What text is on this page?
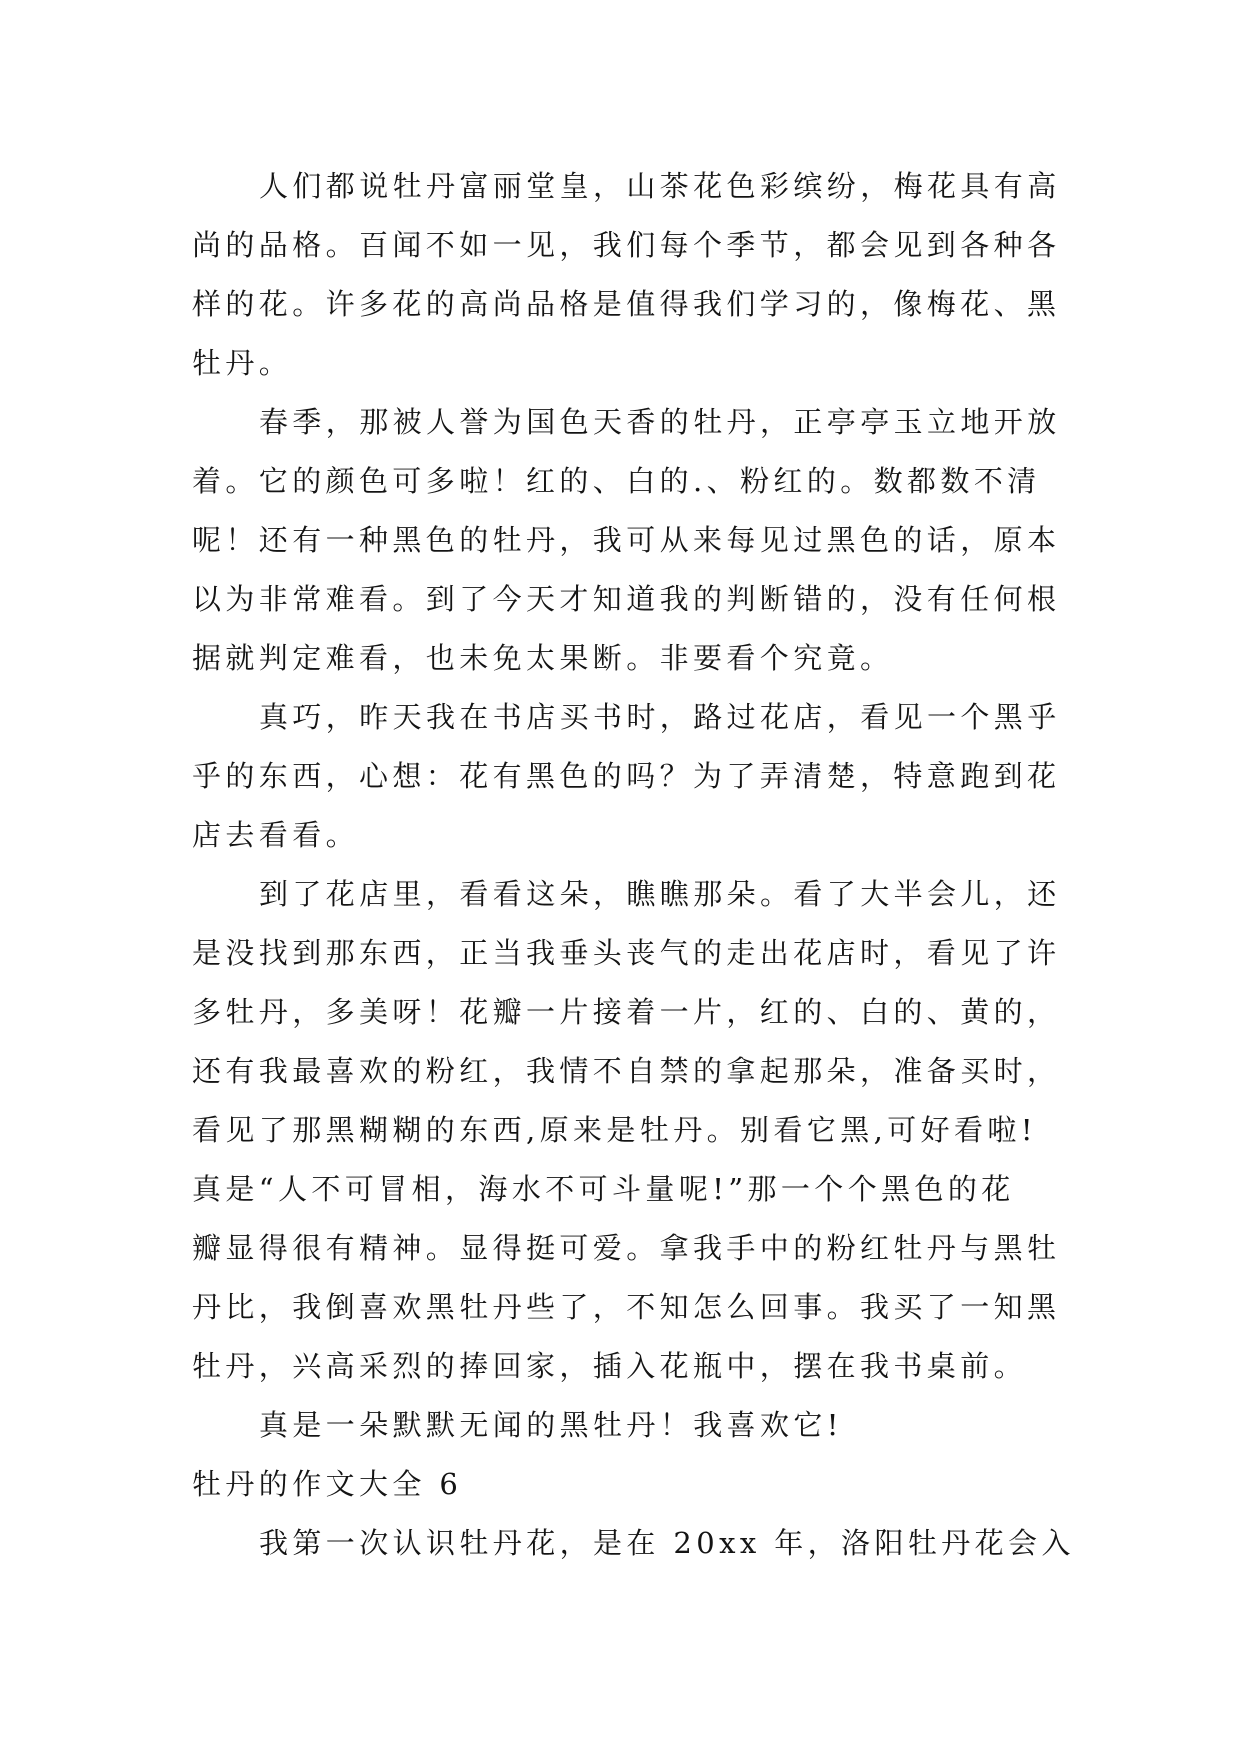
人们都说牡丹富丽堂皇，山茶花色彩缤纷，梅花具有高
尚的品格。百闻不如一见，我们每个季节，都会见到各种各
样的花。许多花的高尚品格是值得我们学习的，像梅花、黑
牡丹。
春季，那被人誉为国色天香的牡丹，正亭亭玉立地开放
着。它的颜色可多啦！红的、白的.、粉红的。数都数不清
呢！还有一种黑色的牡丹，我可从来每见过黑色的话，原本
以为非常难看。到了今天才知道我的判断错的，没有任何根
据就判定难看，也未免太果断。非要看个究竟。
真巧，昨天我在书店买书时，路过花店，看见一个黑乎
乎的东西，心想：花有黑色的吗？为了弄清楚，特意跑到花
店去看看。
到了花店里，看看这朵，瞧瞧那朵。看了大半会儿，还
是没找到那东西，正当我垂头丧气的走出花店时，看见了许
多牡丹，多美呀！花瓣一片接着一片，红的、白的、黄的，
还有我最喜欢的粉红，我情不自禁的拿起那朵，准备买时，
看见了那黑糊糊的东西,原来是牡丹。别看它黑,可好看啦!
真是“人不可冒相，海水不可斗量呢!”那一个个黑色的花
瓣显得很有精神。显得挺可爱。拿我手中的粉红牡丹与黑牡
丹比，我倒喜欢黑牡丹些了，不知怎么回事。我买了一知黑
牡丹，兴高采烈的捧回家，插入花瓶中，摆在我书桌前。
真是一朵默默无闻的黑牡丹！我喜欢它!
牡丹的作文大全 6
我第一次认识牡丹花，是在 20xx 年，洛阳牡丹花会入
